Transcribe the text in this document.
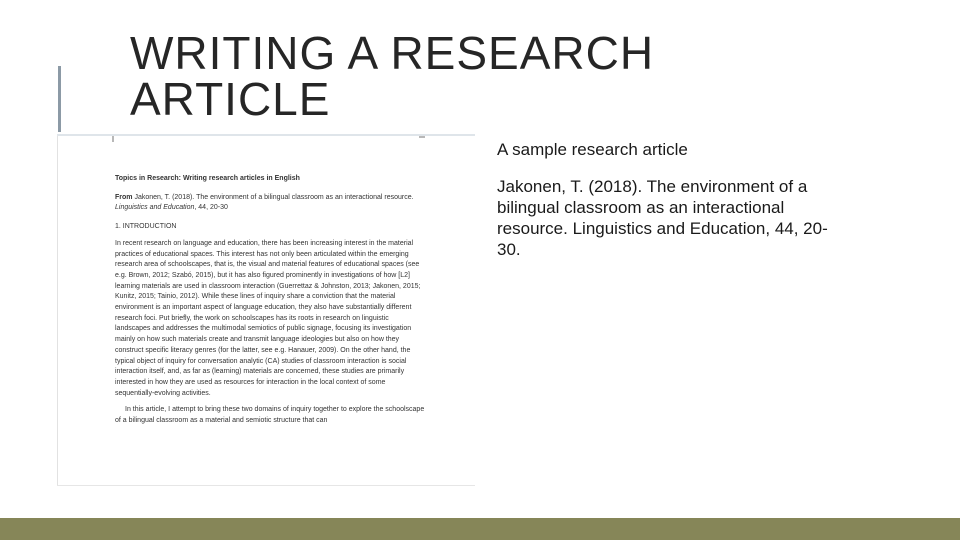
WRITING A RESEARCH
ARTICLE
Topics in Research: Writing research articles in English
From Jakonen, T. (2018). The environment of a bilingual classroom as an interactional resource. Linguistics and Education, 44, 20-30
1. INTRODUCTION
In recent research on language and education, there has been increasing interest in the material practices of educational spaces. This interest has not only been articulated within the emerging research area of schoolscapes, that is, the visual and material features of educational spaces (see e.g. Brown, 2012; Szabó, 2015), but it has also figured prominently in investigations of how [L2] learning materials are used in classroom interaction (Guerrettaz & Johnston, 2013; Jakonen, 2015; Kunitz, 2015; Tainio, 2012). While these lines of inquiry share a conviction that the material environment is an important aspect of language education, they also have substantially different research foci. Put briefly, the work on schoolscapes has its roots in research on linguistic landscapes and addresses the multimodal semiotics of public signage, focusing its investigation mainly on how such materials create and transmit language ideologies but also on how they construct specific literacy genres (for the latter, see e.g. Hanauer, 2009). On the other hand, the typical object of inquiry for conversation analytic (CA) studies of classroom interaction is social interaction itself, and, as far as (learning) materials are concerned, these studies are primarily interested in how they are used as resources for interaction in the local context of some sequentially-evolving activities.
In this article, I attempt to bring these two domains of inquiry together to explore the schoolscape of a bilingual classroom as a material and semiotic structure that can
A sample research article
Jakonen, T. (2018). The environment of a bilingual classroom as an interactional resource. Linguistics and Education, 44, 20-30.
